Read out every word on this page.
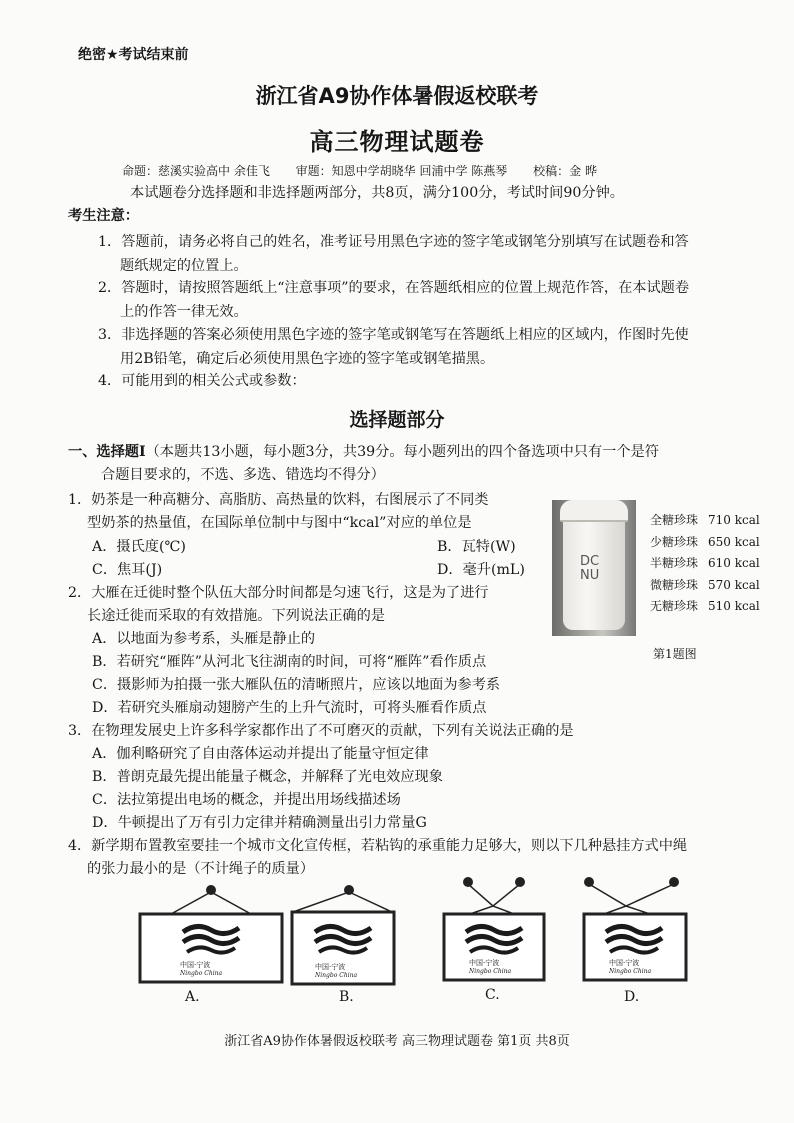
绝密★考试结束前
浙江省A9协作体暑假返校联考
高三物理试题卷
命题：慈溪实验高中 余佳飞 审题：知恩中学胡晓华 回浦中学 陈燕琴 校稿：金 晔
本试题卷分选择题和非选择题两部分，共8页，满分100分，考试时间90分钟。
考生注意：
1．答题前，请务必将自己的姓名，准考证号用黑色字迹的签字笔或钢笔分别填写在试题卷和答
题纸规定的位置上。
2．答题时，请按照答题纸上“注意事项”的要求，在答题纸相应的位置上规范作答，在本试题卷
上的作答一律无效。
3．非选择题的答案必须使用黑色字迹的签字笔或钢笔写在答题纸上相应的区域内，作图时先使
用2B铅笔，确定后必须使用黑色字迹的签字笔或钢笔描黑。
4．可能用到的相关公式或参数：
选择题部分
一、选择题Ⅰ（本题共13小题，每小题3分，共39分。每小题列出的四个备选项中只有一个是符
合题目要求的，不选、多选、错选均不得分）
1．奶茶是一种高糖分、高脂肪、高热量的饮料，右图展示了不同类
型奶茶的热量值，在国际单位制中与图中“kcal”对应的单位是
A．摄氏度(℃)	B．瓦特(W)
C．焦耳(J)	D．毫升(mL)
DCNU
全糖珍珠 710 kcal
少糖珍珠 650 kcal
半糖珍珠 610 kcal
微糖珍珠 570 kcal
无糖珍珠 510 kcal
第1题图
2．大雁在迁徙时整个队伍大部分时间都是匀速飞行，这是为了进行
长途迁徙而采取的有效措施。下列说法正确的是
A．以地面为参考系，头雁是静止的
B．若研究“雁阵”从河北飞往湖南的时间，可将“雁阵”看作质点
C．摄影师为拍摄一张大雁队伍的清晰照片，应该以地面为参考系
D．若研究头雁扇动翅膀产生的上升气流时，可将头雁看作质点
3．在物理发展史上许多科学家都作出了不可磨灭的贡献，下列有关说法正确的是
A．伽利略研究了自由落体运动并提出了能量守恒定律
B．普朗克最先提出能量子概念，并解释了光电效应现象
C．法拉第提出电场的概念，并提出用场线描述场
D．牛顿提出了万有引力定律并精确测量出引力常量G
4．新学期布置教室要挂一个城市文化宣传框，若粘钩的承重能力足够大，则以下几种悬挂方式中绳
的张力最小的是（不计绳子的质量）
中国·宁波
Ningbo China
中国·宁波
Ningbo China
中国·宁波
Ningbo China
中国·宁波
Ningbo China
A.	B.	C.	D.
浙江省A9协作体暑假返校联考 高三物理试题卷 第1页 共8页
